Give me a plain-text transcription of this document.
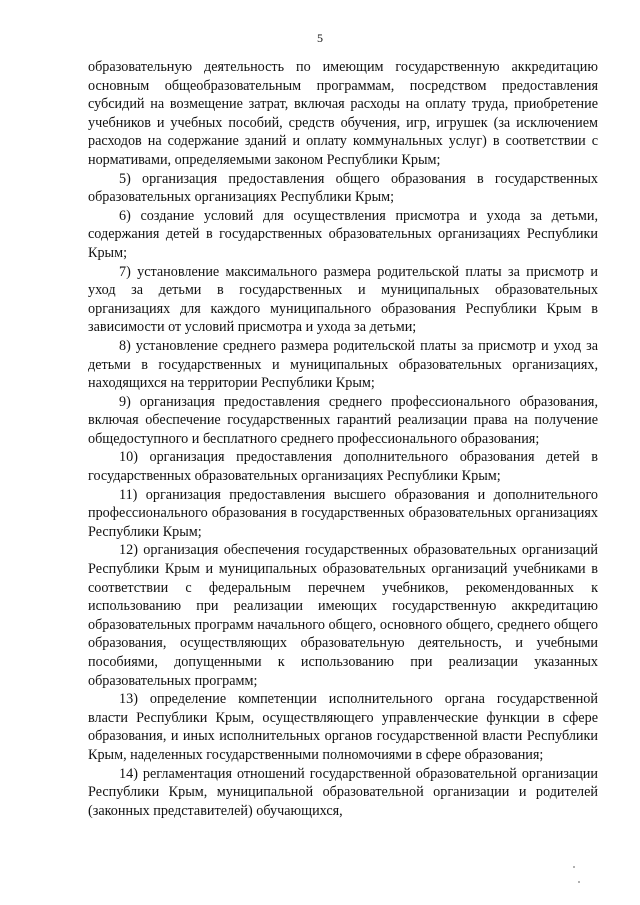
5

образовательную деятельность по имеющим государственную аккредитацию основным общеобразовательным программам, посредством предоставления субсидий на возмещение затрат, включая расходы на оплату труда, приобретение учебников и учебных пособий, средств обучения, игр, игрушек (за исключением расходов на содержание зданий и оплату коммунальных услуг) в соответствии с нормативами, определяемыми законом Республики Крым;

5) организация предоставления общего образования в государственных образовательных организациях Республики Крым;

6) создание условий для осуществления присмотра и ухода за детьми, содержания детей в государственных образовательных организациях Республики Крым;

7) установление максимального размера родительской платы за присмотр и уход за детьми в государственных и муниципальных образовательных организациях для каждого муниципального образования Республики Крым в зависимости от условий присмотра и ухода за детьми;

8) установление среднего размера родительской платы за присмотр и уход за детьми в государственных и муниципальных образовательных организациях, находящихся на территории Республики Крым;

9) организация предоставления среднего профессионального образования, включая обеспечение государственных гарантий реализации права на получение общедоступного и бесплатного среднего профессионального образования;

10) организация предоставления дополнительного образования детей в государственных образовательных организациях Республики Крым;

11) организация предоставления высшего образования и дополнительного профессионального образования в государственных образовательных организациях Республики Крым;

12) организация обеспечения государственных образовательных организаций Республики Крым и муниципальных образовательных организаций учебниками в соответствии с федеральным перечнем учебников, рекомендованных к использованию при реализации имеющих государственную аккредитацию образовательных программ начального общего, основного общего, среднего общего образования, осуществляющих образовательную деятельность, и учебными пособиями, допущенными к использованию при реализации указанных образовательных программ;

13) определение компетенции исполнительного органа государственной власти Республики Крым, осуществляющего управленческие функции в сфере образования, и иных исполнительных органов государственной власти Республики Крым, наделенных государственными полномочиями в сфере образования;

14) регламентация отношений государственной образовательной организации Республики Крым, муниципальной образовательной организации и родителей (законных представителей) обучающихся,
